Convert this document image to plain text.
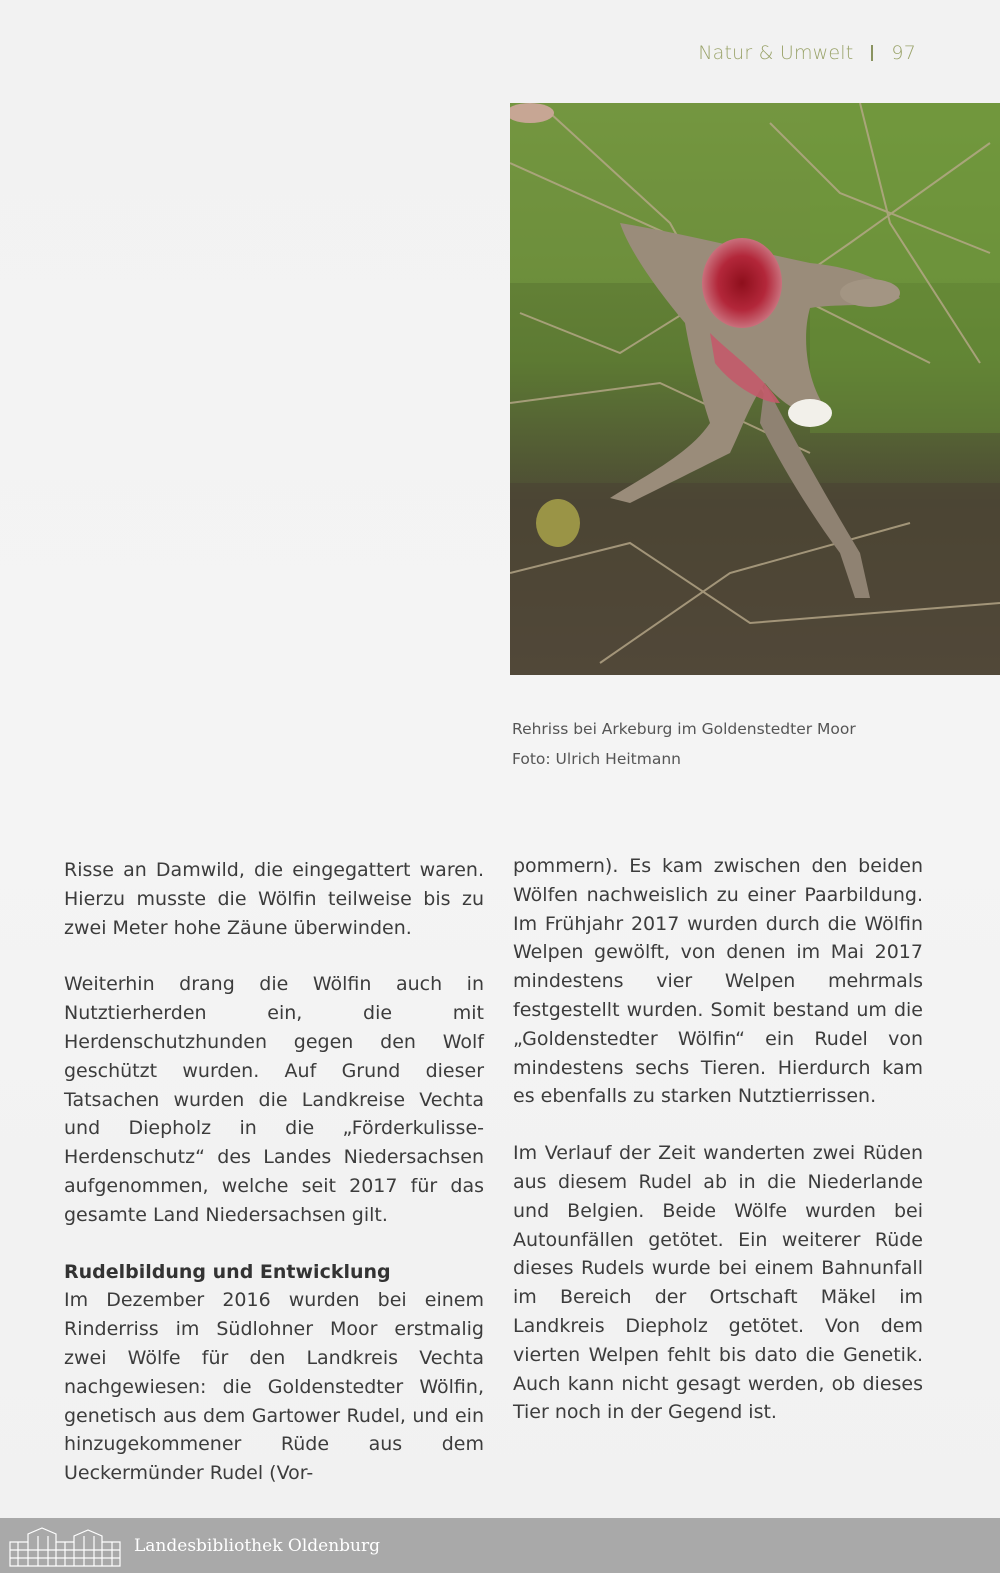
Natur & Umwelt 97
Rehriss bei Arkeburg im Goldenstedter Moor
Foto: Ulrich Heitmann

Risse an Damwild, die eingegattert waren. Hierzu musste die Wölfin teilweise bis zu zwei Meter hohe Zäune überwinden.

Weiterhin drang die Wölfin auch in Nutztierherden ein, die mit Herdenschutzhunden gegen den Wolf geschützt wurden. Auf Grund dieser Tatsachen wurden die Landkreise Vechta und Diepholz in die „Förderkulisse-Herdenschutz“ des Landes Niedersachsen aufgenommen, welche seit 2017 für das gesamte Land Niedersachsen gilt.

Rudelbildung und Entwicklung

Im Dezember 2016 wurden bei einem Rinderriss im Südlohner Moor erstmalig zwei Wölfe für den Landkreis Vechta nachgewiesen: die Goldenstedter Wölfin, genetisch aus dem Gartower Rudel, und ein hinzugekommener Rüde aus dem Ueckermünder Rudel (Vor-

pommern). Es kam zwischen den beiden Wölfen nachweislich zu einer Paarbildung. Im Frühjahr 2017 wurden durch die Wölfin Welpen gewölft, von denen im Mai 2017 mindestens vier Welpen mehrmals festgestellt wurden. Somit bestand um die „Goldenstedter Wölfin“ ein Rudel von mindestens sechs Tieren. Hierdurch kam es ebenfalls zu starken Nutztierrissen.

Im Verlauf der Zeit wanderten zwei Rüden aus diesem Rudel ab in die Niederlande und Belgien. Beide Wölfe wurden bei Autounfällen getötet. Ein weiterer Rüde dieses Rudels wurde bei einem Bahnunfall im Bereich der Ortschaft Mäkel im Landkreis Diepholz getötet. Von dem vierten Welpen fehlt bis dato die Genetik. Auch kann nicht gesagt werden, ob dieses Tier noch in der Gegend ist.

Landesbibliothek Oldenburg
